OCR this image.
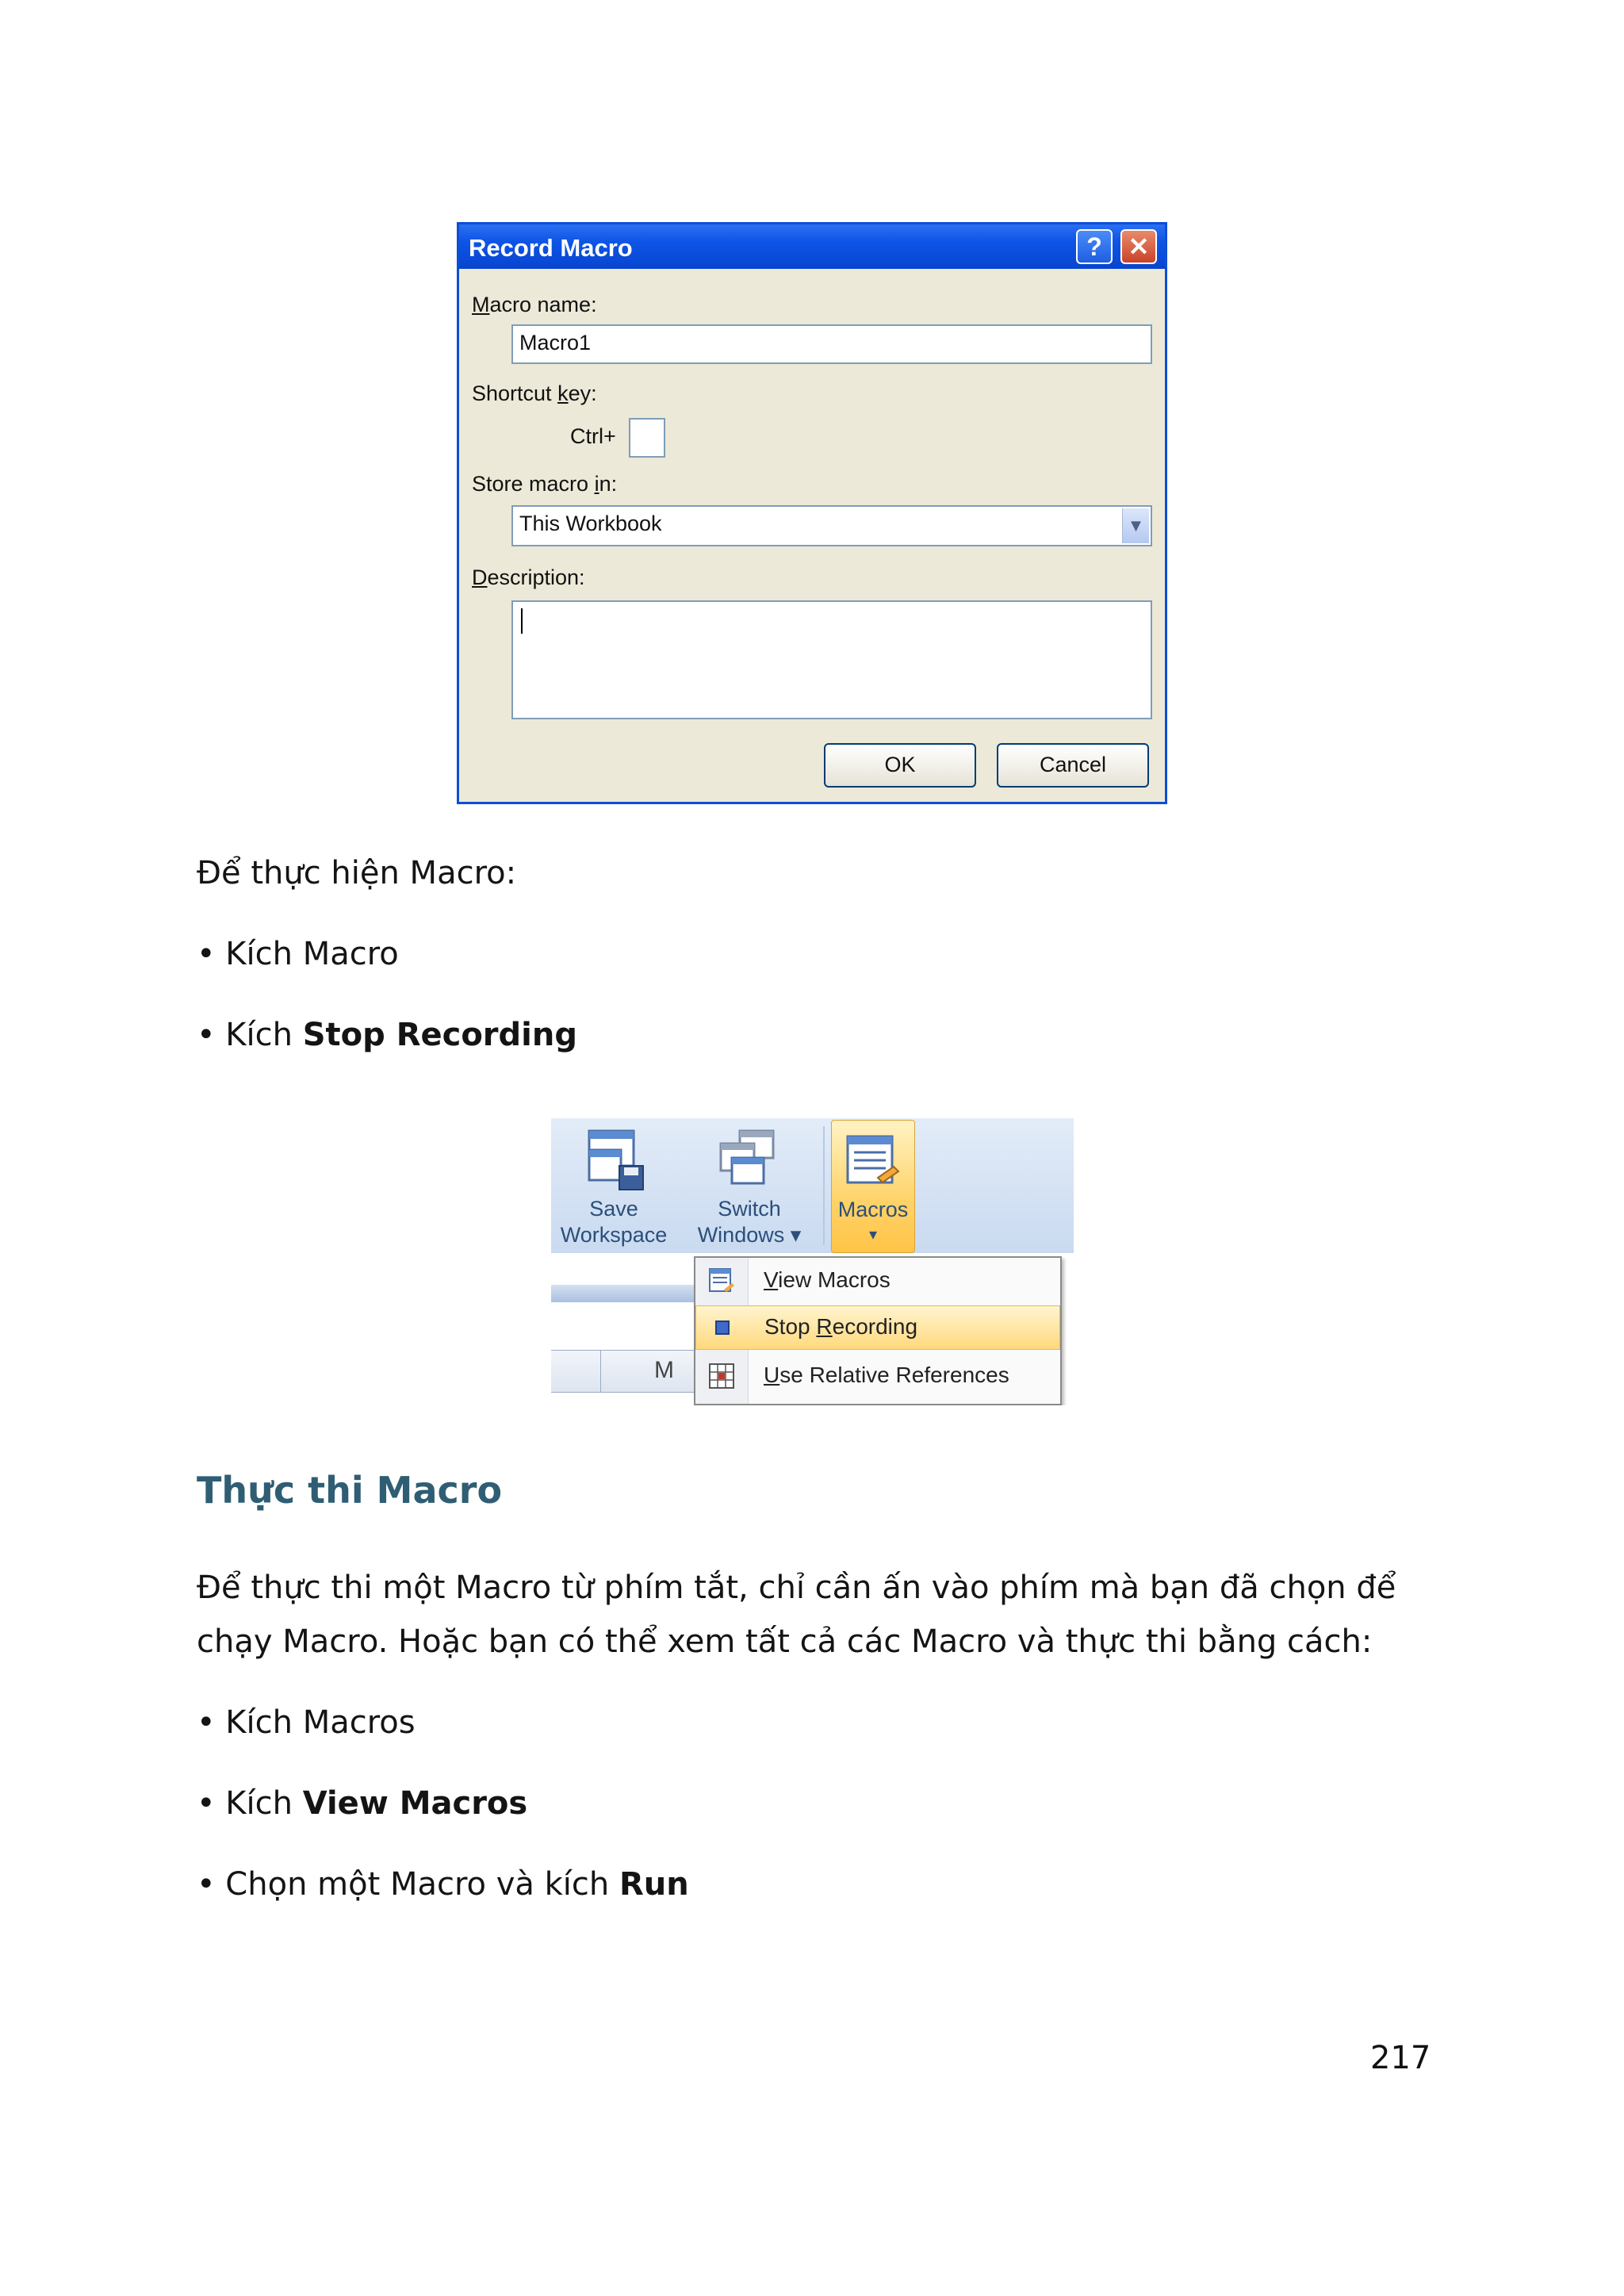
Record Macro	?	✕
Macro name:
Macro1
Shortcut key:
Ctrl+
Store macro in:
This Workbook	▼
Description:
OK	Cancel
Để thực hiện Macro:
• Kích Macro
• Kích Stop Recording
Save
Workspace
Switch
Windows ▾
Macros
▾
M
View Macros
Stop Recording
Use Relative References
Thực thi Macro
Để thực thi một Macro từ phím tắt, chỉ cần ấn vào phím mà bạn đã chọn để
chạy Macro. Hoặc bạn có thể xem tất cả các Macro và thực thi bằng cách:
• Kích Macros
• Kích View Macros
• Chọn một Macro và kích Run
217
